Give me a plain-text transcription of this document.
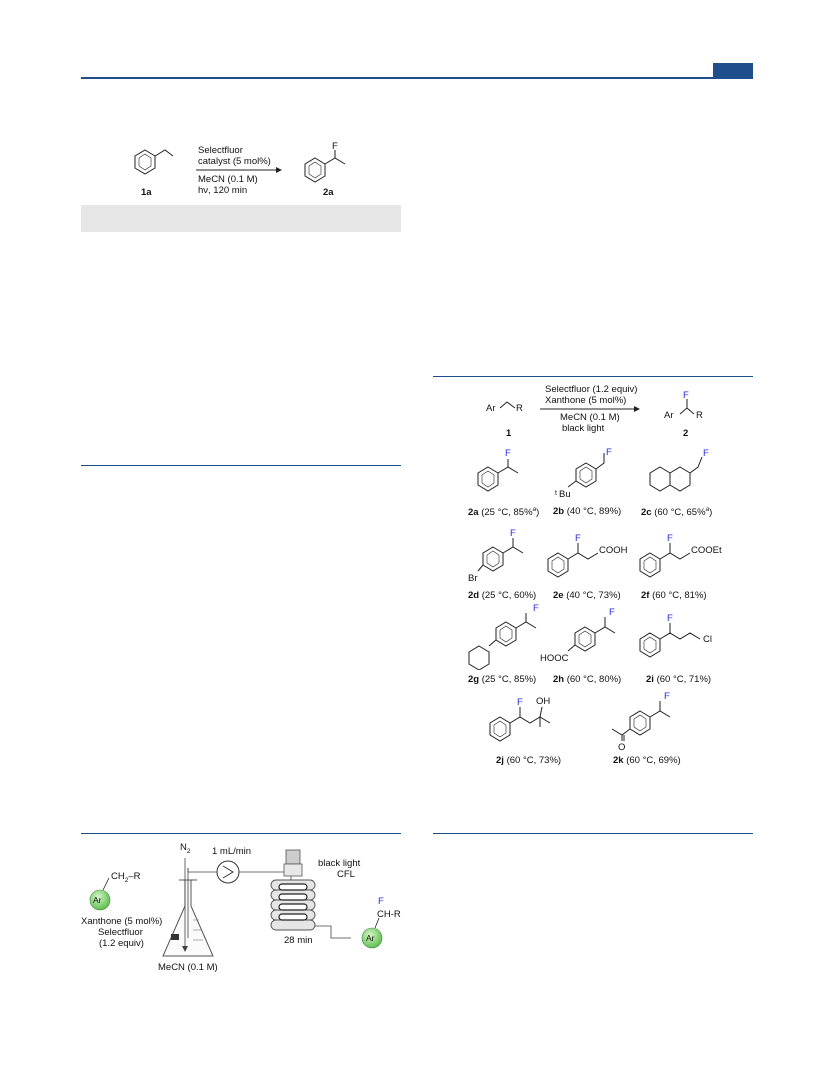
1a
Selectfluor
catalyst (5 mol%)
MeCN (0.1 M)
hν, 120 min
F
2a
Ar R
1
Selectfluor (1.2 equiv)
Xanthone (5 mol%)
MeCN (0.1 M)
black light
F
Ar R
2
F	F
t Bu
F
2a (25 °C, 85%$^a$) 2b (40 °C, 89%) 2c (60 °C, 65%$^a$)
F
Br
F
COOH
F
COOEt
2d (25 °C, 60%) 2e (40 °C, 73%) 2f (60 °C, 81%)
F	F
HOOC
F
Cl
2g (25 °C, 85%) 2h (60 °C, 80%)	2i (60 °C, 71%)
F OH	F
O
2j (60 °C, 73%)	2k (60 °C, 69%)
$N_2$ 1 mL/min
black light
CFL
28 min
MeCN (0.1 M)
$CH_2-R$
Ar
Xanthone (5 mol%)
Selectfluor
(1.2 equiv)
F
CH-R
Ar
